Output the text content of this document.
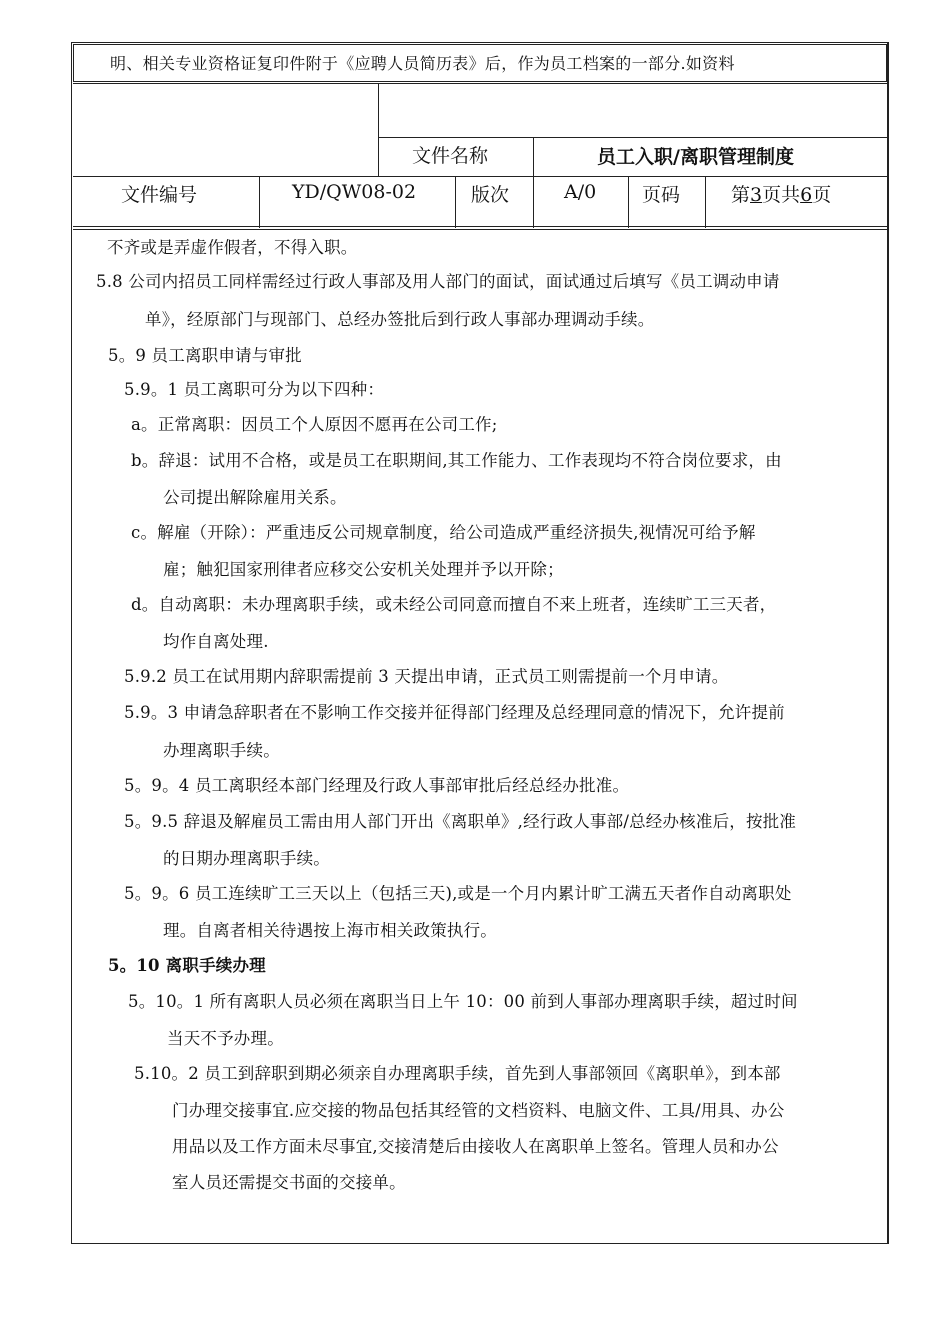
明、相关专业资格证复印件附于《应聘人员简历表》后，作为员工档案的一部分.如资料
文件名称	员工入职/离职管理制度
文件编号	YD/QW08-02	版次	A/0 页码	第3页共6页
不齐或是弄虚作假者，不得入职。
5.8 公司内招员工同样需经过行政人事部及用人部门的面试，面试通过后填写《员工调动申请
单》，经原部门与现部门、总经办签批后到行政人事部办理调动手续。
5。9 员工离职申请与审批
5.9。1 员工离职可分为以下四种：
a。正常离职：因员工个人原因不愿再在公司工作;
b。辞退：试用不合格，或是员工在职期间,其工作能力、工作表现均不符合岗位要求，由
公司提出解除雇用关系。
c。解雇（开除）：严重违反公司规章制度，给公司造成严重经济损失,视情况可给予解
雇；触犯国家刑律者应移交公安机关处理并予以开除；
d。自动离职：未办理离职手续，或未经公司同意而擅自不来上班者，连续旷工三天者，
均作自离处理.
5.9.2 员工在试用期内辞职需提前 3 天提出申请，正式员工则需提前一个月申请。
5.9。3 申请急辞职者在不影响工作交接并征得部门经理及总经理同意的情况下，允许提前
办理离职手续。
5。9。4 员工离职经本部门经理及行政人事部审批后经总经办批准。
5。9.5 辞退及解雇员工需由用人部门开出《离职单》,经行政人事部/总经办核准后，按批准
的日期办理离职手续。
5。9。6 员工连续旷工三天以上（包括三天),或是一个月内累计旷工满五天者作自动离职处
理。自离者相关待遇按上海市相关政策执行。
5。10 离职手续办理
5。10。1 所有离职人员必须在离职当日上午 10：00 前到人事部办理离职手续，超过时间
当天不予办理。
5.10。2 员工到辞职到期必须亲自办理离职手续，首先到人事部领回《离职单》，到本部
门办理交接事宜.应交接的物品包括其经管的文档资料、电脑文件、工具/用具、办公
用品以及工作方面未尽事宜,交接清楚后由接收人在离职单上签名。管理人员和办公
室人员还需提交书面的交接单。
